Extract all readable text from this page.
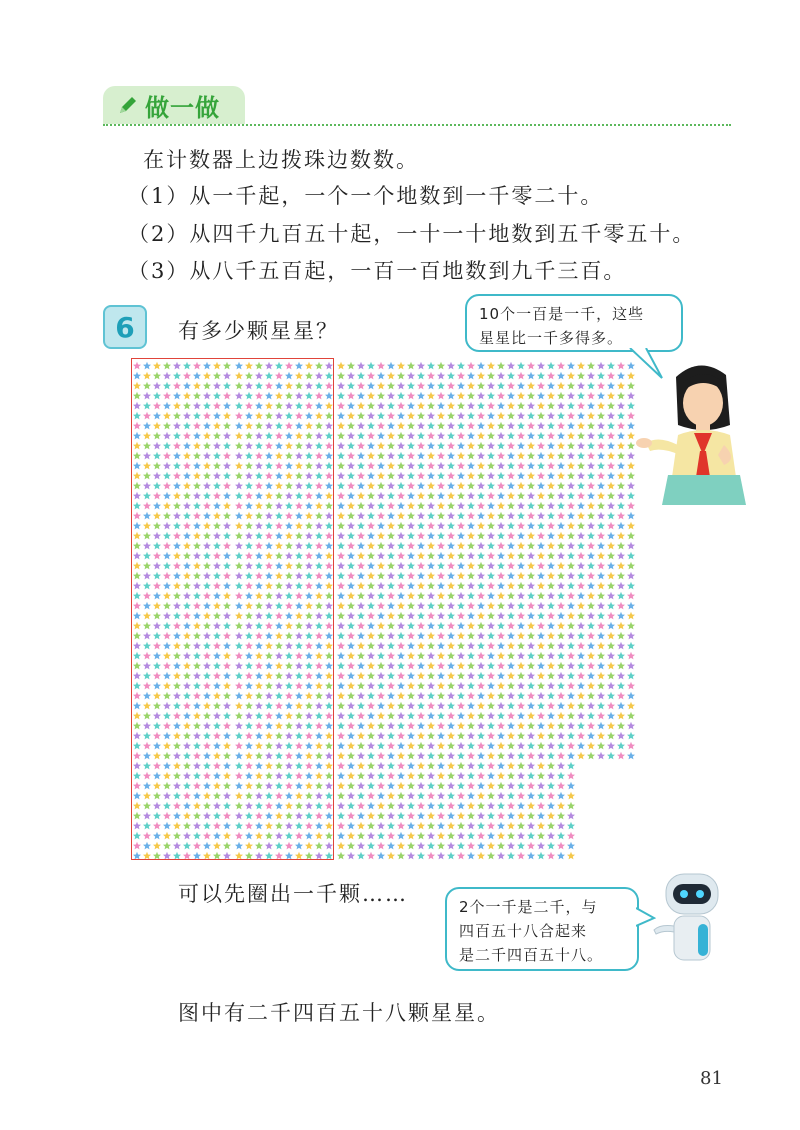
做一做
在计数器上边拨珠边数数。
（1）从一千起，一个一个地数到一千零二十。
（2）从四千九百五十起，一十一十地数到五千零五十。
（3）从八千五百起，一百一百地数到九千三百。
6 有多少颗星星？
10个一百是一千，这些
星星比一千多得多。
可以先圈出一千颗……
2个一千是二千，与
四百五十八合起来
是二千四百五十八。
图中有二千四百五十八颗星星。
81
